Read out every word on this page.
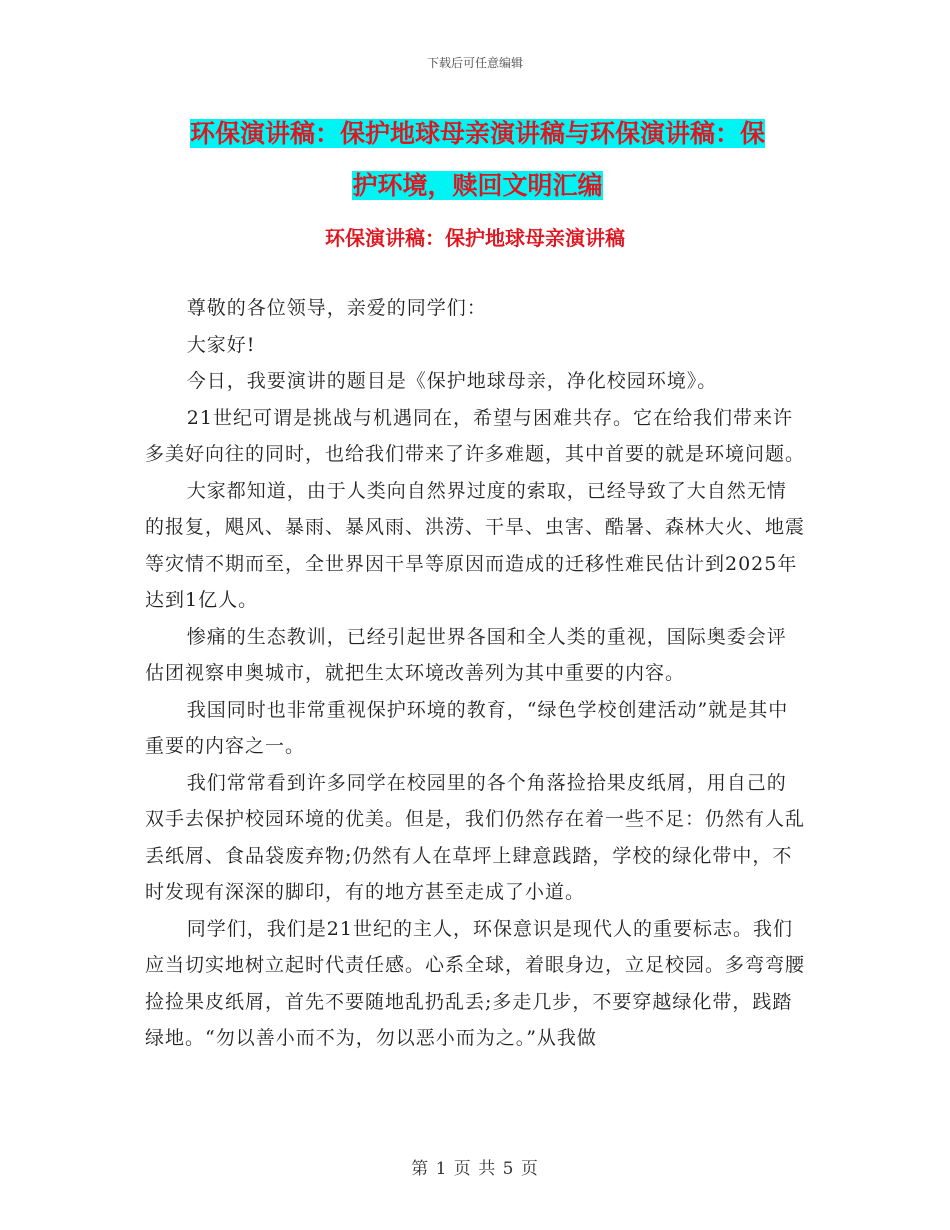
下载后可任意编辑
环保演讲稿：保护地球母亲演讲稿与环保演讲稿：保
护环境，赎回文明汇编
环保演讲稿：保护地球母亲演讲稿

尊敬的各位领导，亲爱的同学们：

大家好!

今日，我要演讲的题目是《保护地球母亲，净化校园环境》。

21世纪可谓是挑战与机遇同在，希望与困难共存。它在给我们带来许多美好向往的同时，也给我们带来了许多难题，其中首要的就是环境问题。

大家都知道，由于人类向自然界过度的索取，已经导致了大自然无情的报复，飓风、暴雨、暴风雨、洪涝、干旱、虫害、酷暑、森林大火、地震等灾情不期而至，全世界因干旱等原因而造成的迁移性难民估计到2025年达到1亿人。

惨痛的生态教训，已经引起世界各国和全人类的重视，国际奥委会评估团视察申奥城市，就把生太环境改善列为其中重要的内容。

我国同时也非常重视保护环境的教育，“绿色学校创建活动”就是其中重要的内容之一。

我们常常看到许多同学在校园里的各个角落捡拾果皮纸屑，用自己的双手去保护校园环境的优美。但是，我们仍然存在着一些不足：仍然有人乱丢纸屑、食品袋废弃物;仍然有人在草坪上肆意践踏，学校的绿化带中，不时发现有深深的脚印，有的地方甚至走成了小道。

同学们，我们是21世纪的主人，环保意识是现代人的重要标志。我们应当切实地树立起时代责任感。心系全球，着眼身边，立足校园。多弯弯腰捡捡果皮纸屑，首先不要随地乱扔乱丢;多走几步，不要穿越绿化带，践踏绿地。“勿以善小而不为，勿以恶小而为之。”从我做

第 1 页 共 5 页
